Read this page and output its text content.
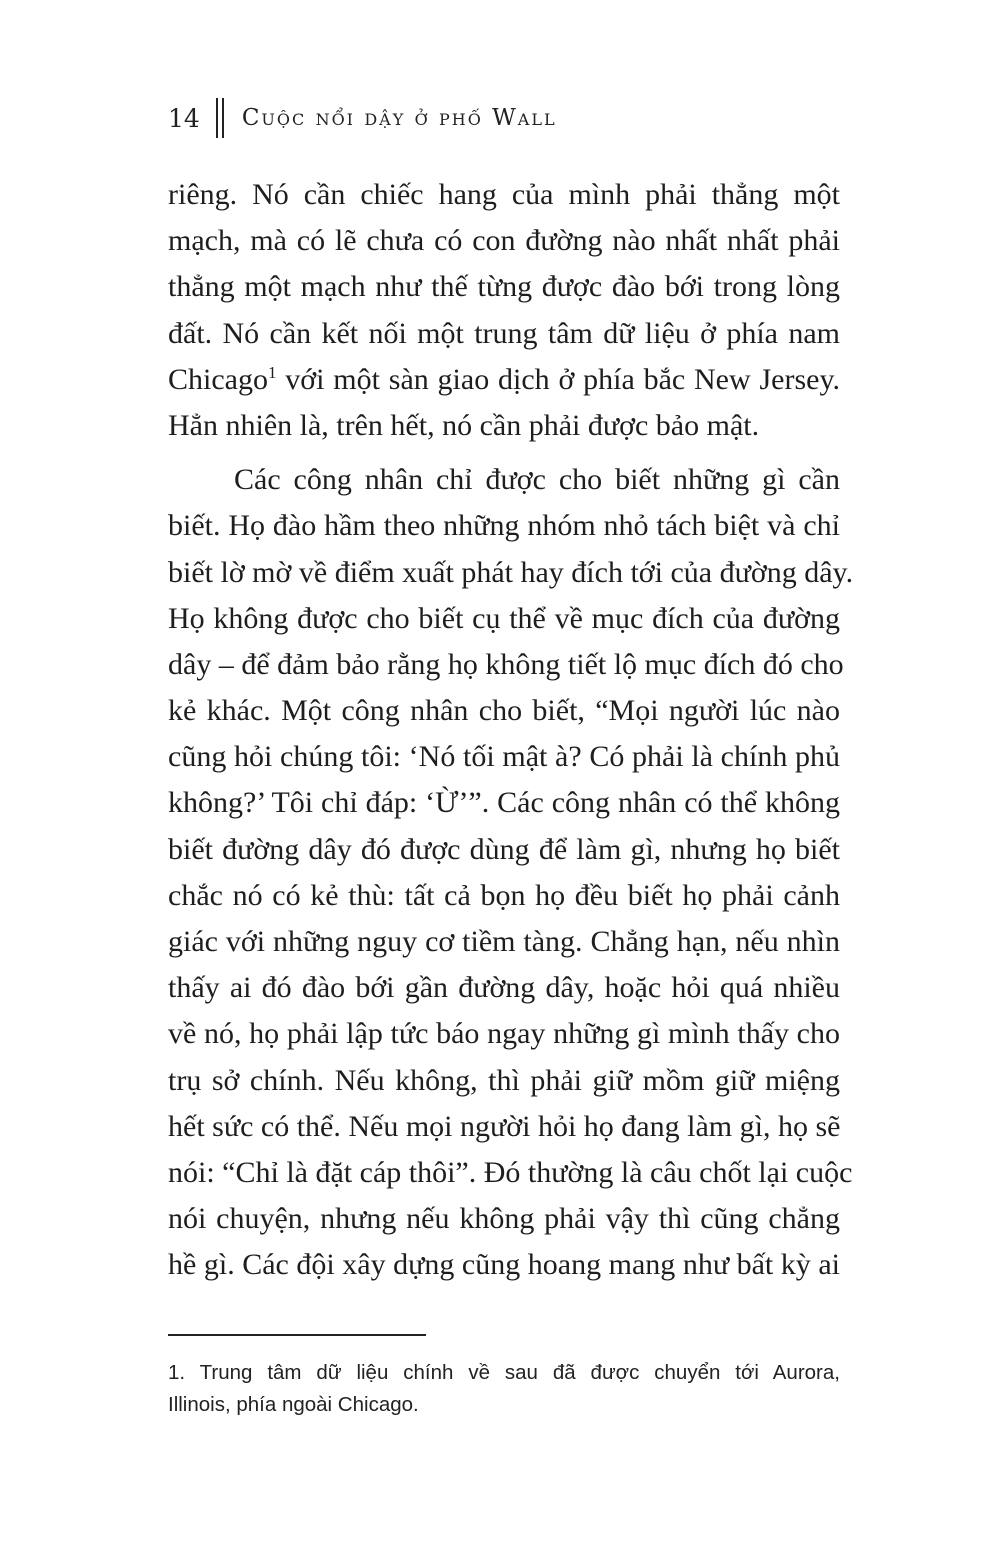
14 Cuộc nổi dậy ở phố Wall
riêng. Nó cần chiếc hang của mình phải thẳng một
mạch, mà có lẽ chưa có con đường nào nhất nhất phải
thẳng một mạch như thế từng được đào bới trong lòng
đất. Nó cần kết nối một trung tâm dữ liệu ở phía nam
Chicago$^1$ với một sàn giao dịch ở phía bắc New Jersey.
Hẳn nhiên là, trên hết, nó cần phải được bảo mật.
Các công nhân chỉ được cho biết những gì cần
biết. Họ đào hầm theo những nhóm nhỏ tách biệt và chỉ
biết lờ mờ về điểm xuất phát hay đích tới của đường dây.
Họ không được cho biết cụ thể về mục đích của đường
dây – để đảm bảo rằng họ không tiết lộ mục đích đó cho
kẻ khác. Một công nhân cho biết, “Mọi người lúc nào
cũng hỏi chúng tôi: ‘Nó tối mật à? Có phải là chính phủ
không?’ Tôi chỉ đáp: ‘Ừ’”. Các công nhân có thể không
biết đường dây đó được dùng để làm gì, nhưng họ biết
chắc nó có kẻ thù: tất cả bọn họ đều biết họ phải cảnh
giác với những nguy cơ tiềm tàng. Chẳng hạn, nếu nhìn
thấy ai đó đào bới gần đường dây, hoặc hỏi quá nhiều
về nó, họ phải lập tức báo ngay những gì mình thấy cho
trụ sở chính. Nếu không, thì phải giữ mồm giữ miệng
hết sức có thể. Nếu mọi người hỏi họ đang làm gì, họ sẽ
nói: “Chỉ là đặt cáp thôi”. Đó thường là câu chốt lại cuộc
nói chuyện, nhưng nếu không phải vậy thì cũng chẳng
hề gì. Các đội xây dựng cũng hoang mang như bất kỳ ai
1. Trung tâm dữ liệu chính về sau đã được chuyển tới Aurora,
Illinois, phía ngoài Chicago.
